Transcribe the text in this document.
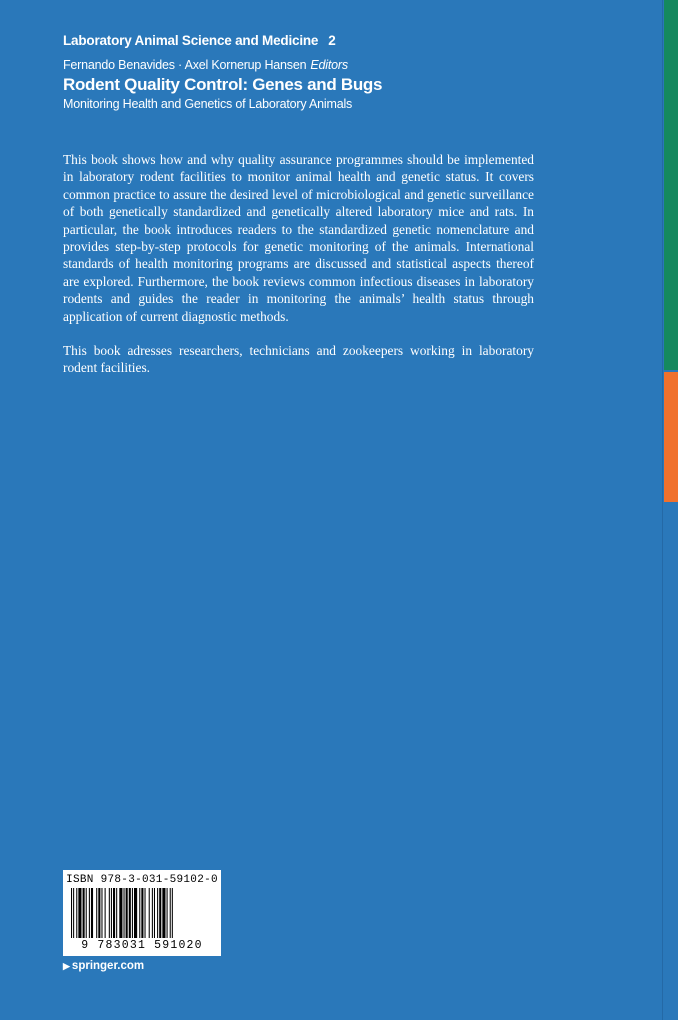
Laboratory Animal Science and Medicine 2
Fernando Benavides · Axel Kornerup Hansen Editors
Rodent Quality Control: Genes and Bugs
Monitoring Health and Genetics of Laboratory Animals

This book shows how and why quality assurance programmes should be implemented in laboratory rodent facilities to monitor animal health and genetic status. It covers common practice to assure the desired level of microbiological and genetic surveillance of both genetically standardized and genetically altered laboratory mice and rats. In particular, the book introduces readers to the standardized genetic nomenclature and provides step-by-step protocols for genetic monitoring of the animals. International standards of health monitoring programs are discussed and statistical aspects thereof are explored. Furthermore, the book reviews common infectious diseases in laboratory rodents and guides the reader in monitoring the animals’ health status through application of current diagnostic methods.

This book adresses researchers, technicians and zookeepers working in laboratory rodent facilities.

ISBN 978-3-031-59102-0
9 783031 591020
▶ springer.com
